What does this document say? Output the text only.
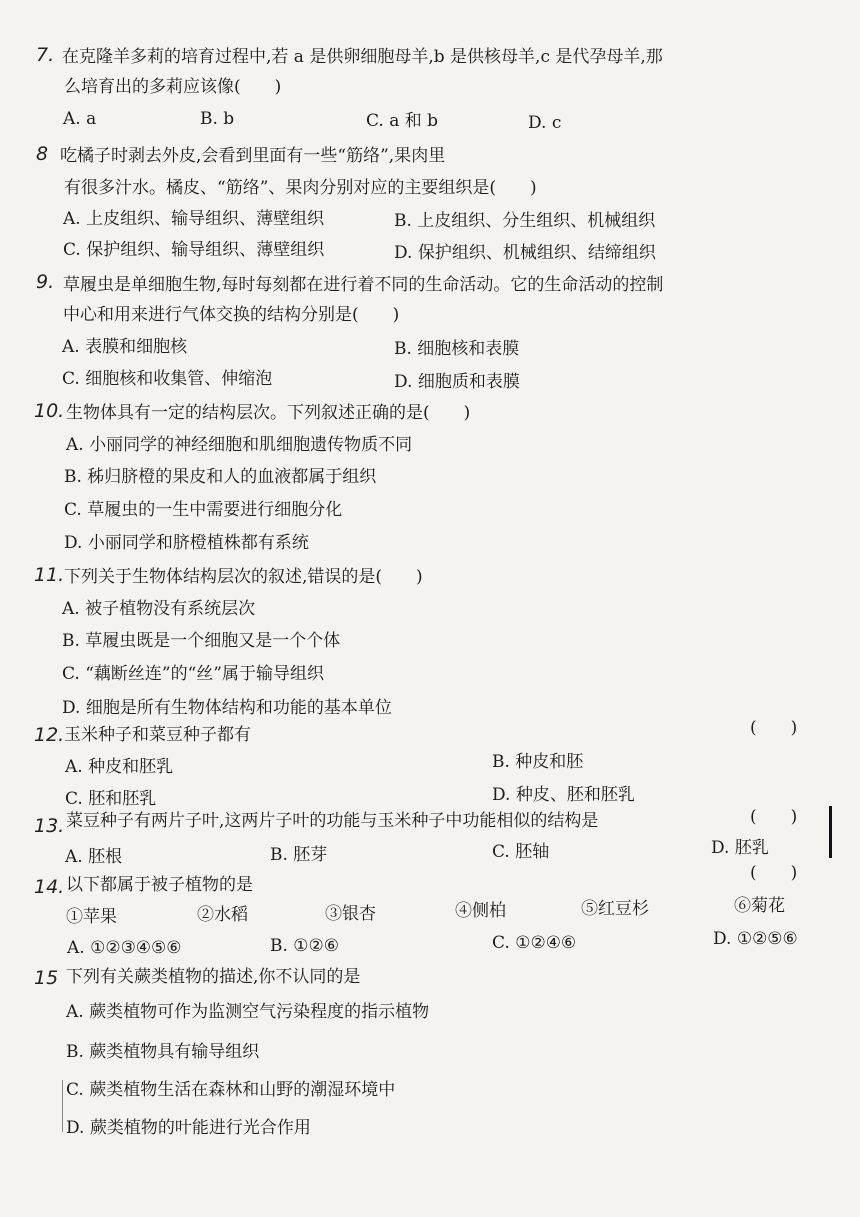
7. 在克隆羊多莉的培育过程中,若 a 是供卵细胞母羊,b 是供核母羊,c 是代孕母羊,那
么培育出的多莉应该像(　　)
A. a	B. b	C. a 和 b	D. c
8 吃橘子时剥去外皮,会看到里面有一些“筋络”,果肉里
有很多汁水。橘皮、“筋络”、果肉分别对应的主要组织是(　　)
A. 上皮组织、输导组织、薄壁组织	B. 上皮组织、分生组织、机械组织
C. 保护组织、输导组织、薄壁组织	D. 保护组织、机械组织、结缔组织
9. 草履虫是单细胞生物,每时每刻都在进行着不同的生命活动。它的生命活动的控制
中心和用来进行气体交换的结构分别是(　　)
A. 表膜和细胞核	B. 细胞核和表膜
C. 细胞核和收集管、伸缩泡	D. 细胞质和表膜
10. 生物体具有一定的结构层次。下列叙述正确的是(　　)
A. 小丽同学的神经细胞和肌细胞遗传物质不同
B. 秭归脐橙的果皮和人的血液都属于组织
C. 草履虫的一生中需要进行细胞分化
D. 小丽同学和脐橙植株都有系统
11. 下列关于生物体结构层次的叙述,错误的是(　　)
A. 被子植物没有系统层次
B. 草履虫既是一个细胞又是一个个体
C. “藕断丝连”的“丝”属于输导组织
D. 细胞是所有生物体结构和功能的基本单位
12. 玉米种子和菜豆种子都有	(　　)
A. 种皮和胚乳	B. 种皮和胚
C. 胚和胚乳	D. 种皮、胚和胚乳
13. 菜豆种子有两片子叶,这两片子叶的功能与玉米种子中功能相似的结构是	(　　)
A. 胚根	B. 胚芽	C. 胚轴	D. 胚乳
14. 以下都属于被子植物的是
(　　)
①苹果	②水稻	③银杏	④侧柏	⑤红豆杉	⑥菊花
A. ①②③④⑤⑥	B. ①②⑥	C. ①②④⑥	D. ①②⑤⑥
15 下列有关蕨类植物的描述,你不认同的是
A. 蕨类植物可作为监测空气污染程度的指示植物
B. 蕨类植物具有输导组织
C. 蕨类植物生活在森林和山野的潮湿环境中
D. 蕨类植物的叶能进行光合作用
